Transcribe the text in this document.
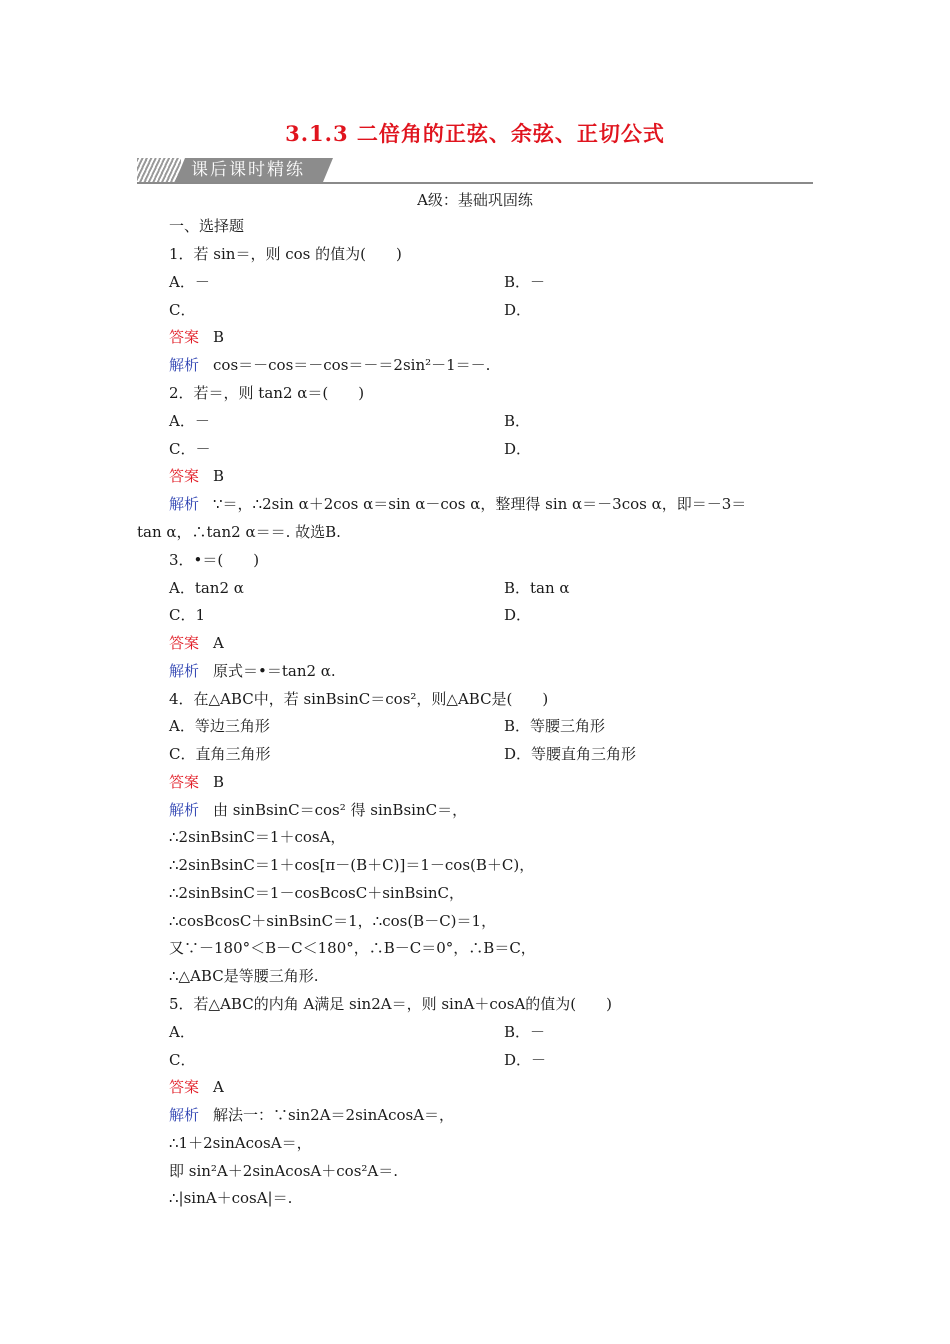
3.1.3 二倍角的正弦、余弦、正切公式
课后课时精练
A级：基础巩固练
一、选择题
1．若 sin＝，则 cos 的值为(　　)
A．－	B．－
C．	D．
答案 B
解析 cos＝－cos＝－cos＝－＝2sin²－1＝－.
2．若＝，则 tan2 α＝(　　)
A．－	B．
C．－	D．
答案 B
解析 ∵＝，∴2sin α＋2cos α＝sin α－cos α，整理得 sin α＝－3cos α，即＝－3＝
tan α，∴tan2 α＝＝. 故选B.
3．•＝(　　)
A．tan2 α	B．tan α
C．1	D．
答案 A
解析 原式＝•＝tan2 α.
4．在△ABC中，若 sinBsinC＝cos²，则△ABC是(　　)
A．等边三角形	B．等腰三角形
C．直角三角形	D．等腰直角三角形
答案 B
解析 由 sinBsinC＝cos² 得 sinBsinC＝，
∴2sinBsinC＝1＋cosA，
∴2sinBsinC＝1＋cos[π－(B＋C)]＝1－cos(B＋C)，
∴2sinBsinC＝1－cosBcosC＋sinBsinC，
∴cosBcosC＋sinBsinC＝1，∴cos(B－C)＝1，
又∵－180°＜B－C＜180°，∴B－C＝0°，∴B＝C，
∴△ABC是等腰三角形.
5．若△ABC的内角 A满足 sin2A＝，则 sinA＋cosA的值为(　　)
A．	B．－
C．	D．－
答案 A
解析 解法一：∵sin2A＝2sinAcosA＝，
∴1＋2sinAcosA＝，
即 sin²A＋2sinAcosA＋cos²A＝.
∴|sinA＋cosA|＝.
